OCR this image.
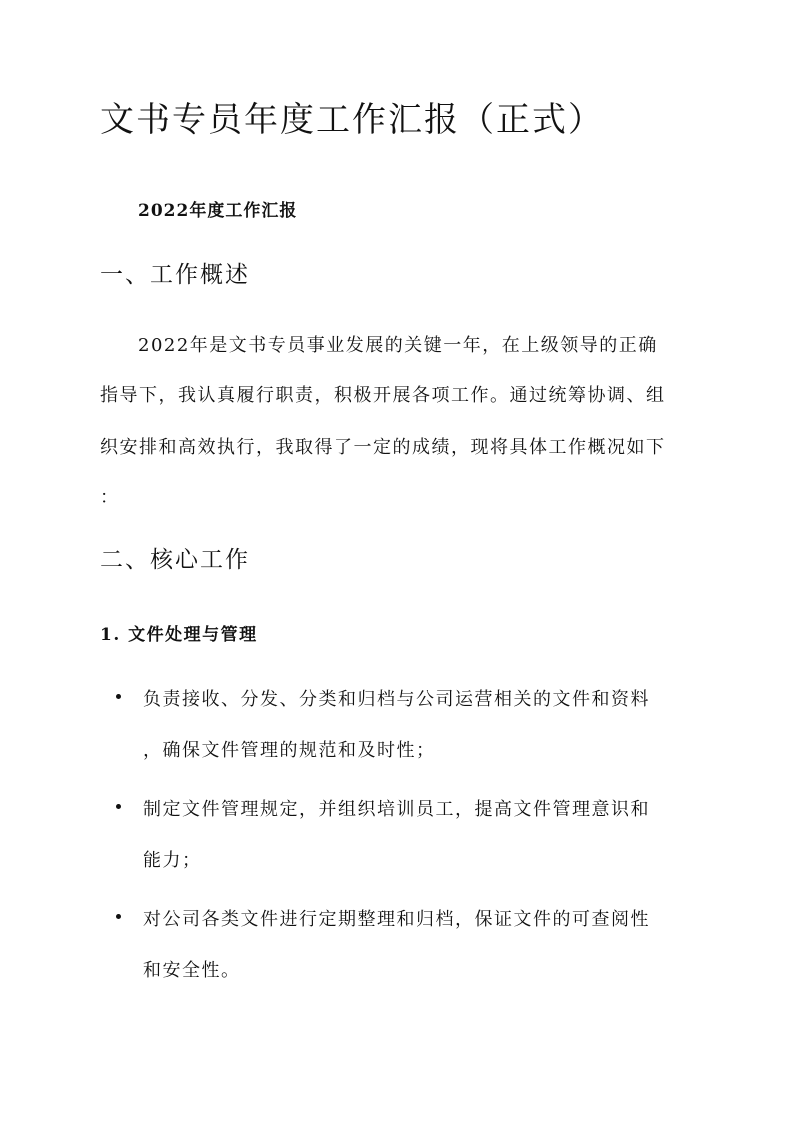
文书专员年度工作汇报（正式）
2022年度工作汇报
一、工作概述
2022年是文书专员事业发展的关键一年，在上级领导的正确
指导下，我认真履行职责，积极开展各项工作。通过统筹协调、组
织安排和高效执行，我取得了一定的成绩，现将具体工作概况如下
：
二、核心工作
1. 文件处理与管理
负责接收、分发、分类和归档与公司运营相关的文件和资料
，确保文件管理的规范和及时性；
制定文件管理规定，并组织培训员工，提高文件管理意识和
能力；
对公司各类文件进行定期整理和归档，保证文件的可查阅性
和安全性。
